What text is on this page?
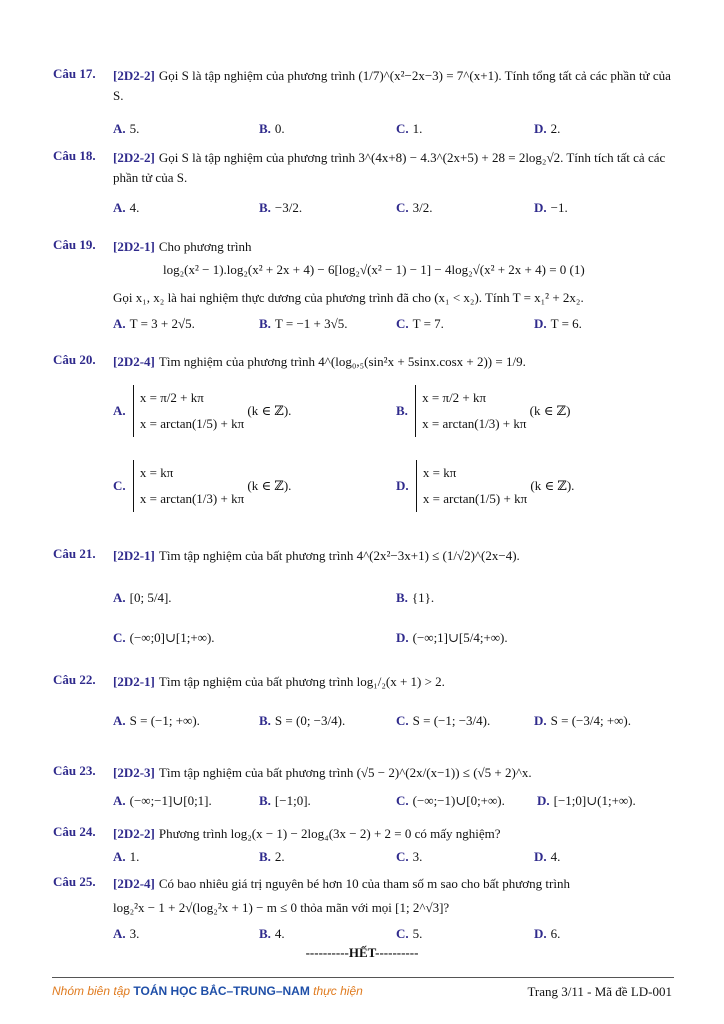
Câu 17. [2D2-2] Gọi S là tập nghiệm của phương trình (1/7)^(x²−2x−3) = 7^(x+1). Tính tổng tất cả các phần tử của S.
A. 5.	B. 0.	C. 1.	D. 2.
Câu 18. [2D2-2] Gọi S là tập nghiệm của phương trình 3^(4x+8) − 4.3^(2x+5) + 28 = 2log₂√2. Tính tích tất cả các phần tử của S.
A. 4.	B. −3/2.	C. 3/2.	D. −1.
Câu 19. [2D2-1] Cho phương trình
log₂(x² − 1).log₂(x² + 2x + 4) − 6[log₂√(x² − 1) − 1] − 4log₂√(x² + 2x + 4) = 0 (1)
Gọi x₁, x₂ là hai nghiệm thực dương của phương trình đã cho (x₁ < x₂). Tính T = x₁² + 2x₂.
A. T = 3 + 2√5.	B. T = −1 + 3√5.	C. T = 7.	D. T = 6.
Câu 20. [2D2-4] Tìm nghiệm của phương trình 4^(log₀,₅(sin²x + 5sinx.cosx + 2)) = 1/9.
A. x = π/2 + kπ
x = arctan(1/5) + kπ (k ∈ ℤ).	B. x = π/2 + kπ
x = arctan(1/3) + kπ (k ∈ ℤ)
C. x = kπ
x = arctan(1/3) + kπ (k ∈ ℤ).	D. x = kπ
x = arctan(1/5) + kπ (k ∈ ℤ).
Câu 21. [2D2-1] Tìm tập nghiệm của bất phương trình 4^(2x²−3x+1) ≤ (1/√2)^(2x−4).
A. [0; 5/4].	B. {1}.
C. (−∞;0]∪[1;+∞).	D. (−∞;1]∪[5/4;+∞).
Câu 22. [2D2-1] Tìm tập nghiệm của bất phương trình log₁/₂(x + 1) > 2.
A. S = (−1; +∞).	B. S = (0; −3/4).	C. S = (−1; −3/4).	D. S = (−3/4; +∞).
Câu 23. [2D2-3] Tìm tập nghiệm của bất phương trình (√5 − 2)^(2x/(x−1)) ≤ (√5 + 2)^x.
A. (−∞;−1]∪[0;1].	B. [−1;0].	C. (−∞;−1)∪[0;+∞). D. [−1;0]∪(1;+∞).
Câu 24. [2D2-2] Phương trình log₂(x − 1) − 2log₄(3x − 2) + 2 = 0 có mấy nghiệm?
A. 1.	B. 2.	C. 3.	D. 4.
Câu 25. [2D2-4] Có bao nhiêu giá trị nguyên bé hơn 10 của tham số m sao cho bất phương trình
log₂²x − 1 + 2√(log₂²x + 1) − m ≤ 0 thỏa mãn với mọi [1; 2^√3]?
A. 3.	B. 4.	C. 5.	D. 6.
----------HẾT----------
Nhóm biên tập TOÁN HỌC BẮC–TRUNG–NAM thực hiện	Trang 3/11 - Mã đề LD-001
